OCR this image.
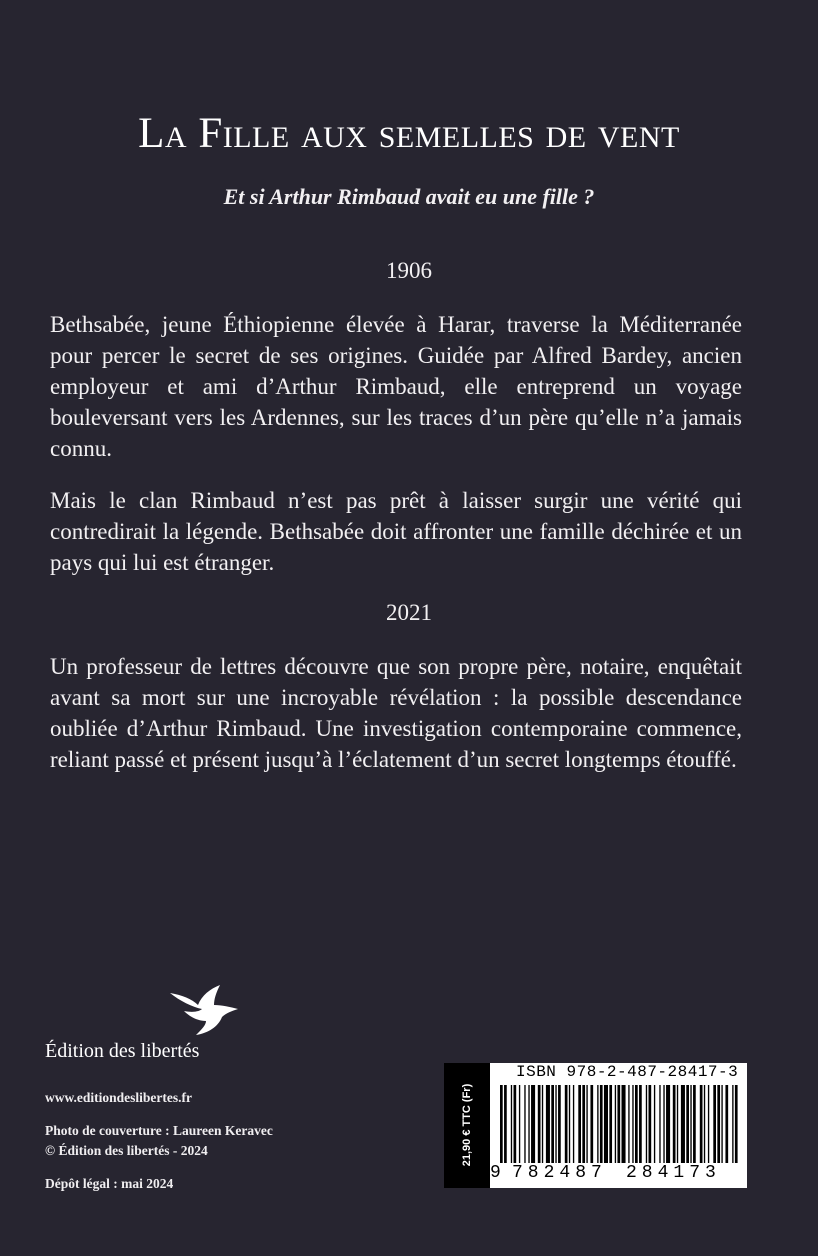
La Fille aux semelles de vent
Et si Arthur Rimbaud avait eu une fille ?
1906

Bethsabée, jeune Éthiopienne élevée à Harar, traverse la Méditerranée pour percer le secret de ses origines. Guidée par Alfred Bardey, ancien employeur et ami d’Arthur Rimbaud, elle entreprend un voyage bouleversant vers les Ardennes, sur les traces d’un père qu’elle n’a jamais connu.

Mais le clan Rimbaud n’est pas prêt à laisser surgir une vérité qui contredirait la légende. Bethsabée doit affronter une famille déchirée et un pays qui lui est étranger.

2021

Un professeur de lettres découvre que son propre père, notaire, enquêtait avant sa mort sur une incroyable révélation : la possible descendance oubliée d’Arthur Rimbaud. Une investigation contemporaine commence, reliant passé et présent jusqu’à l’éclatement d’un secret longtemps étouffé.

Édition des libertés
www.editiondeslibertes.fr
Photo de couverture : Laureen Keravec
© Édition des libertés - 2024
Dépôt légal : mai 2024
21,90 € TTC (Fr)
ISBN 978-2-487-28417-3
9 782487 284173
